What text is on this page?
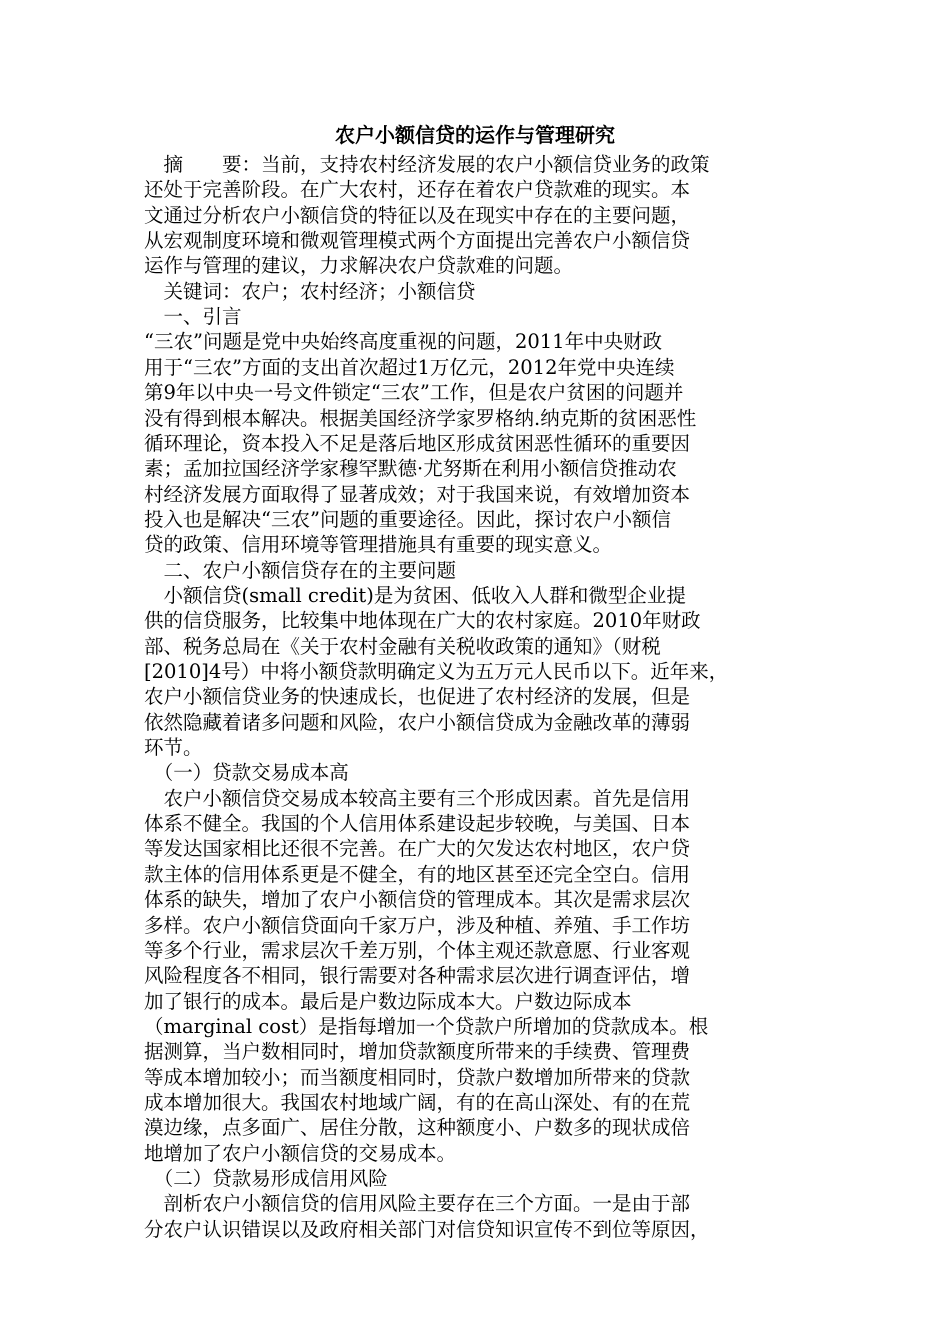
农户小额信贷的运作与管理研究
　摘　　要：当前，支持农村经济发展的农户小额信贷业务的政策
还处于完善阶段。在广大农村，还存在着农户贷款难的现实。本
文通过分析农户小额信贷的特征以及在现实中存在的主要问题，
从宏观制度环境和微观管理模式两个方面提出完善农户小额信贷
运作与管理的建议，力求解决农户贷款难的问题。
　关键词：农户；农村经济；小额信贷
　一、引言
“三农”问题是党中央始终高度重视的问题，2011年中央财政
用于“三农”方面的支出首次超过1万亿元，2012年党中央连续
第9年以中央一号文件锁定“三农”工作，但是农户贫困的问题并
没有得到根本解决。根据美国经济学家罗格纳.纳克斯的贫困恶性
循环理论，资本投入不足是落后地区形成贫困恶性循环的重要因
素；孟加拉国经济学家穆罕默德·尤努斯在利用小额信贷推动农
村经济发展方面取得了显著成效；对于我国来说，有效增加资本
投入也是解决“三农”问题的重要途径。因此，探讨农户小额信
贷的政策、信用环境等管理措施具有重要的现实意义。
　二、农户小额信贷存在的主要问题
　小额信贷(small credit)是为贫困、低收入人群和微型企业提
供的信贷服务，比较集中地体现在广大的农村家庭。2010年财政
部、税务总局在《关于农村金融有关税收政策的通知》（财税
[2010]4号）中将小额贷款明确定义为五万元人民币以下。近年来，
农户小额信贷业务的快速成长，也促进了农村经济的发展，但是
依然隐藏着诸多问题和风险，农户小额信贷成为金融改革的薄弱
环节。
　（一）贷款交易成本高
　农户小额信贷交易成本较高主要有三个形成因素。首先是信用
体系不健全。我国的个人信用体系建设起步较晚，与美国、日本
等发达国家相比还很不完善。在广大的欠发达农村地区，农户贷
款主体的信用体系更是不健全，有的地区甚至还完全空白。信用
体系的缺失，增加了农户小额信贷的管理成本。其次是需求层次
多样。农户小额信贷面向千家万户，涉及种植、养殖、手工作坊
等多个行业，需求层次千差万别，个体主观还款意愿、行业客观
风险程度各不相同，银行需要对各种需求层次进行调查评估，增
加了银行的成本。最后是户数边际成本大。户数边际成本
（marginal cost）是指每增加一个贷款户所增加的贷款成本。根
据测算，当户数相同时，增加贷款额度所带来的手续费、管理费
等成本增加较小；而当额度相同时，贷款户数增加所带来的贷款
成本增加很大。我国农村地域广阔，有的在高山深处、有的在荒
漠边缘，点多面广、居住分散，这种额度小、户数多的现状成倍
地增加了农户小额信贷的交易成本。
　（二）贷款易形成信用风险
　剖析农户小额信贷的信用风险主要存在三个方面。一是由于部
分农户认识错误以及政府相关部门对信贷知识宣传不到位等原因，
